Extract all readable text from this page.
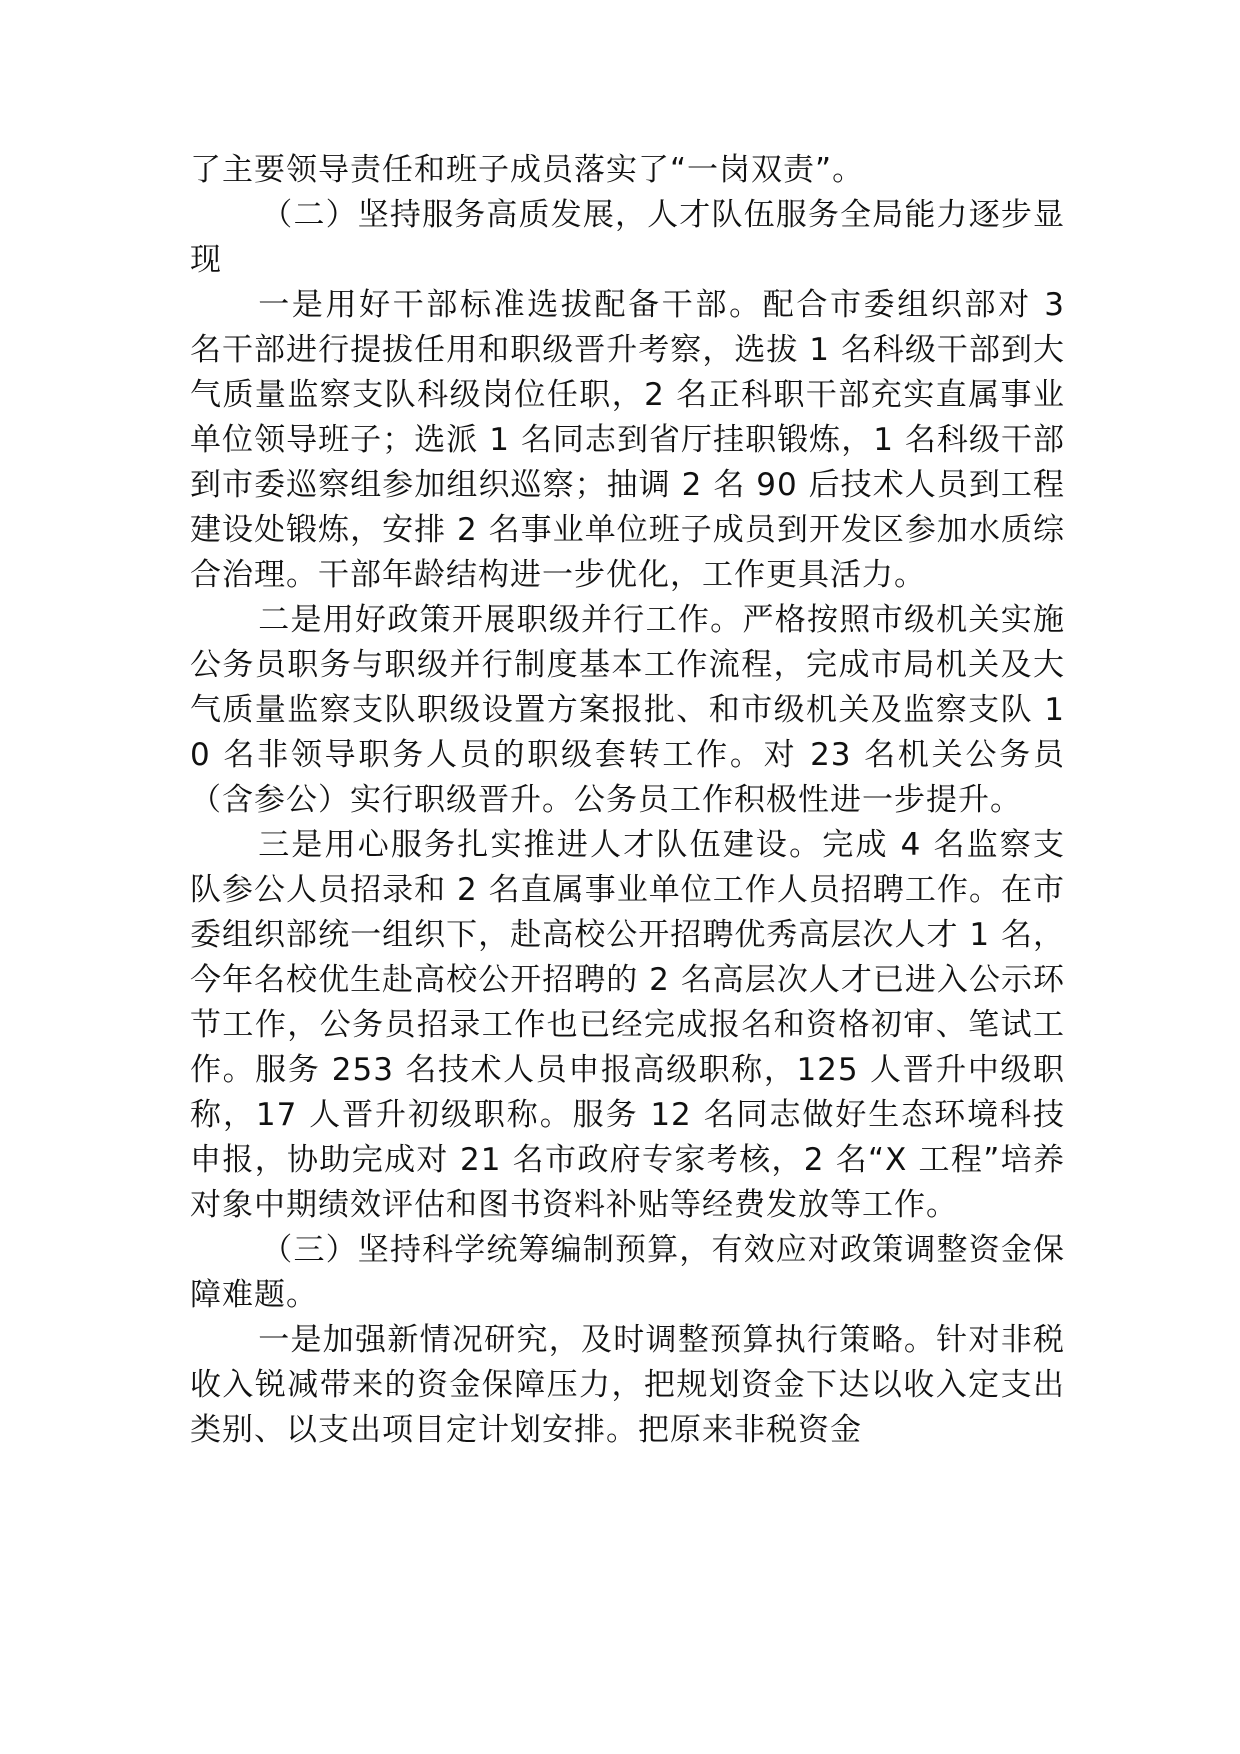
了主要领导责任和班子成员落实了“一岗双责”。

（二）坚持服务高质发展，人才队伍服务全局能力逐步显现

一是用好干部标准选拔配备干部。配合市委组织部对 3 名干部进行提拔任用和职级晋升考察，选拔 1 名科级干部到大气质量监察支队科级岗位任职，2 名正科职干部充实直属事业单位领导班子；选派 1 名同志到省厅挂职锻炼，1 名科级干部到市委巡察组参加组织巡察；抽调 2 名 90 后技术人员到工程建设处锻炼，安排 2 名事业单位班子成员到开发区参加水质综合治理。干部年龄结构进一步优化，工作更具活力。

二是用好政策开展职级并行工作。严格按照市级机关实施公务员职务与职级并行制度基本工作流程，完成市局机关及大气质量监察支队职级设置方案报批、和市级机关及监察支队 10 名非领导职务人员的职级套转工作。对 23 名机关公务员（含参公）实行职级晋升。公务员工作积极性进一步提升。

三是用心服务扎实推进人才队伍建设。完成 4 名监察支队参公人员招录和 2 名直属事业单位工作人员招聘工作。在市委组织部统一组织下，赴高校公开招聘优秀高层次人才 1 名，今年名校优生赴高校公开招聘的 2 名高层次人才已进入公示环节工作，公务员招录工作也已经完成报名和资格初审、笔试工作。服务 253 名技术人员申报高级职称，125 人晋升中级职称，17 人晋升初级职称。服务 12 名同志做好生态环境科技申报，协助完成对 21 名市政府专家考核，2 名“X 工程”培养对象中期绩效评估和图书资料补贴等经费发放等工作。

（三）坚持科学统筹编制预算，有效应对政策调整资金保障难题。

一是加强新情况研究，及时调整预算执行策略。针对非税收入锐减带来的资金保障压力，把规划资金下达以收入定支出类别、以支出项目定计划安排。把原来非税资金
